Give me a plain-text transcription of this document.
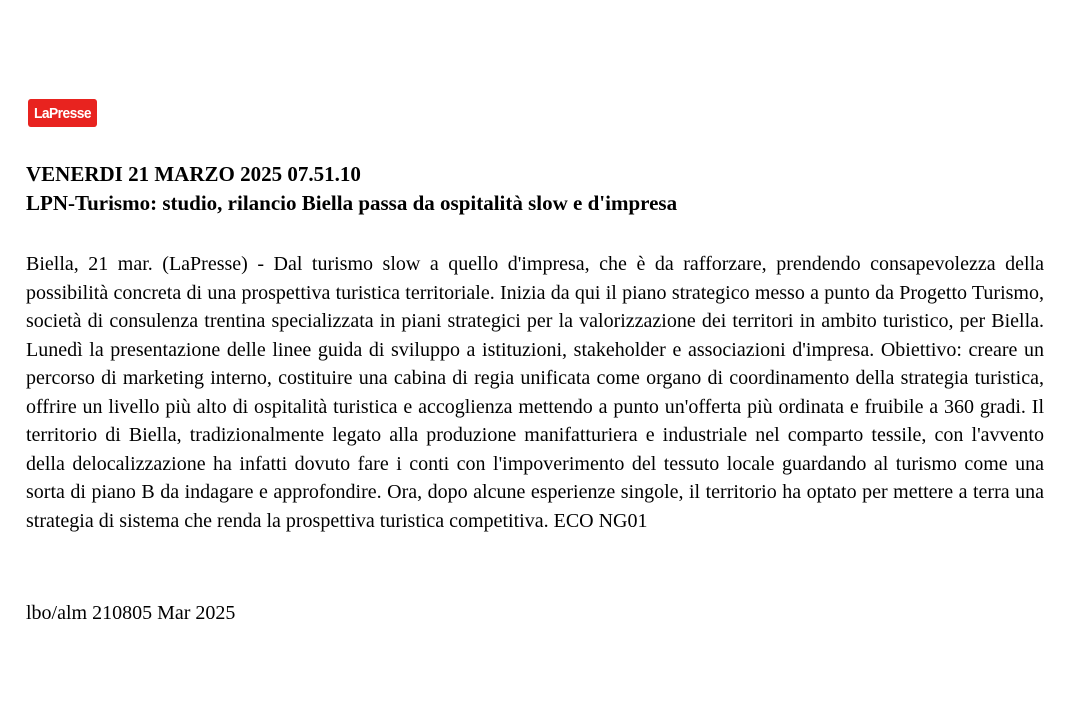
LaPresse
VENERDI 21 MARZO 2025 07.51.10
LPN-Turismo: studio, rilancio Biella passa da ospitalità slow e d'impresa

Biella, 21 mar. (LaPresse) - Dal turismo slow a quello d'impresa, che è da rafforzare, prendendo consapevolezza della possibilità concreta di una prospettiva turistica territoriale. Inizia da qui il piano strategico messo a punto da Progetto Turismo, società di consulenza trentina specializzata in piani strategici per la valorizzazione dei territori in ambito turistico, per Biella. Lunedì la presentazione delle linee guida di sviluppo a istituzioni, stakeholder e associazioni d'impresa. Obiettivo: creare un percorso di marketing interno, costituire una cabina di regia unificata come organo di coordinamento della strategia turistica, offrire un livello più alto di ospitalità turistica e accoglienza mettendo a punto un'offerta più ordinata e fruibile a 360 gradi. Il territorio di Biella, tradizionalmente legato alla produzione manifatturiera e industriale nel comparto tessile, con l'avvento della delocalizzazione ha infatti dovuto fare i conti con l'impoverimento del tessuto locale guardando al turismo come una sorta di piano B da indagare e approfondire. Ora, dopo alcune esperienze singole, il territorio ha optato per mettere a terra una strategia di sistema che renda la prospettiva turistica competitiva. ECO NG01

lbo/alm 210805 Mar 2025
